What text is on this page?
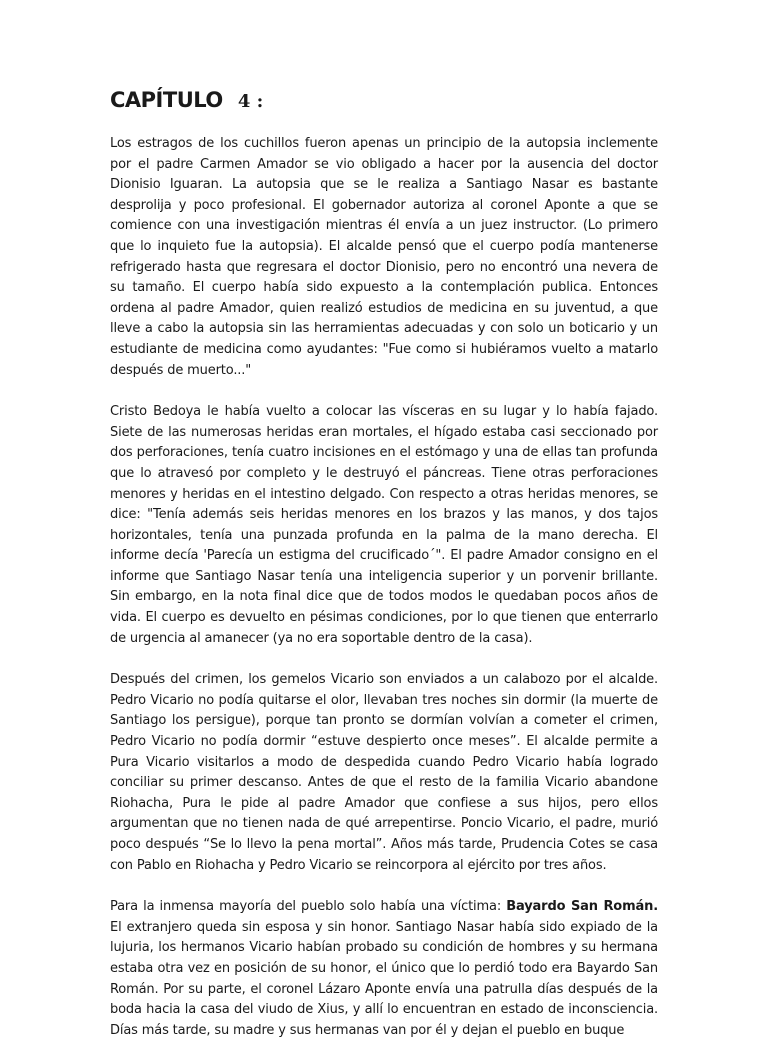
CAPÍTULO 4 :

Los estragos de los cuchillos fueron apenas un principio de la autopsia inclemente por el padre Carmen Amador se vio obligado a hacer por la ausencia del doctor Dionisio Iguaran. La autopsia que se le realiza a Santiago Nasar es bastante desprolija y poco profesional. El gobernador autoriza al coronel Aponte a que se comience con una investigación mientras él envía a un juez instructor. (Lo primero que lo inquieto fue la autopsia). El alcalde pensó que el cuerpo podía mantenerse refrigerado hasta que regresara el doctor Dionisio, pero no encontró una nevera de su tamaño. El cuerpo había sido expuesto a la contemplación publica. Entonces ordena al padre Amador, quien realizó estudios de medicina en su juventud, a que lleve a cabo la autopsia sin las herramientas adecuadas y con solo un boticario y un estudiante de medicina como ayudantes: "Fue como si hubiéramos vuelto a matarlo después de muerto..."

Cristo Bedoya le había vuelto a colocar las vísceras en su lugar y lo había fajado. Siete de las numerosas heridas eran mortales, el hígado estaba casi seccionado por dos perforaciones, tenía cuatro incisiones en el estómago y una de ellas tan profunda que lo atravesó por completo y le destruyó el páncreas. Tiene otras perforaciones menores y heridas en el intestino delgado. Con respecto a otras heridas menores, se dice: "Tenía además seis heridas menores en los brazos y las manos, y dos tajos horizontales, tenía una punzada profunda en la palma de la mano derecha. El informe decía 'Parecía un estigma del crucificado´". El padre Amador consigno en el informe que Santiago Nasar tenía una inteligencia superior y un porvenir brillante. Sin embargo, en la nota final dice que de todos modos le quedaban pocos años de vida. El cuerpo es devuelto en pésimas condiciones, por lo que tienen que enterrarlo de urgencia al amanecer (ya no era soportable dentro de la casa).

Después del crimen, los gemelos Vicario son enviados a un calabozo por el alcalde. Pedro Vicario no podía quitarse el olor, llevaban tres noches sin dormir (la muerte de Santiago los persigue), porque tan pronto se dormían volvían a cometer el crimen, Pedro Vicario no podía dormir “estuve despierto once meses”. El alcalde permite a Pura Vicario visitarlos a modo de despedida cuando Pedro Vicario había logrado conciliar su primer descanso. Antes de que el resto de la familia Vicario abandone Riohacha, Pura le pide al padre Amador que confiese a sus hijos, pero ellos argumentan que no tienen nada de qué arrepentirse. Poncio Vicario, el padre, murió poco después “Se lo llevo la pena mortal”. Años más tarde, Prudencia Cotes se casa con Pablo en Riohacha y Pedro Vicario se reincorpora al ejército por tres años.

Para la inmensa mayoría del pueblo solo había una víctima: Bayardo San Román. El extranjero queda sin esposa y sin honor. Santiago Nasar había sido expiado de la lujuria, los hermanos Vicario habían probado su condición de hombres y su hermana estaba otra vez en posición de su honor, el único que lo perdió todo era Bayardo San Román. Por su parte, el coronel Lázaro Aponte envía una patrulla días después de la boda hacia la casa del viudo de Xius, y allí lo encuentran en estado de inconsciencia. Días más tarde, su madre y sus hermanas van por él y dejan el pueblo en buque
